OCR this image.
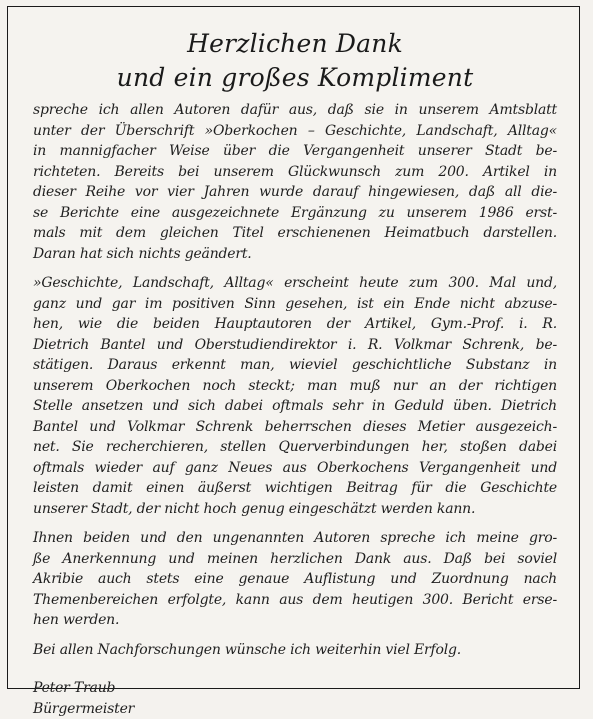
Herzlichen Dank
und ein großes Kompliment

spreche ich allen Autoren dafür aus, daß sie in unserem Amtsblatt
unter der Überschrift »Oberkochen – Geschichte, Landschaft, Alltag«
in mannigfacher Weise über die Vergangenheit unserer Stadt be-
richteten. Bereits bei unserem Glückwunsch zum 200. Artikel in
dieser Reihe vor vier Jahren wurde darauf hingewiesen, daß all die-
se Berichte eine ausgezeichnete Ergänzung zu unserem 1986 erst-
mals mit dem gleichen Titel erschienenen Heimatbuch darstellen.
Daran hat sich nichts geändert.

»Geschichte, Landschaft, Alltag« erscheint heute zum 300. Mal und,
ganz und gar im positiven Sinn gesehen, ist ein Ende nicht abzuse-
hen, wie die beiden Hauptautoren der Artikel, Gym.-Prof. i. R.
Dietrich Bantel und Oberstudiendirektor i. R. Volkmar Schrenk, be-
stätigen. Daraus erkennt man, wieviel geschichtliche Substanz in
unserem Oberkochen noch steckt; man muß nur an der richtigen
Stelle ansetzen und sich dabei oftmals sehr in Geduld üben. Dietrich
Bantel und Volkmar Schrenk beherrschen dieses Metier ausgezeich-
net. Sie recherchieren, stellen Querverbindungen her, stoßen dabei
oftmals wieder auf ganz Neues aus Oberkochens Vergangenheit und
leisten damit einen äußerst wichtigen Beitrag für die Geschichte
unserer Stadt, der nicht hoch genug eingeschätzt werden kann.

Ihnen beiden und den ungenannten Autoren spreche ich meine gro-
ße Anerkennung und meinen herzlichen Dank aus. Daß bei soviel
Akribie auch stets eine genaue Auflistung und Zuordnung nach
Themenbereichen erfolgte, kann aus dem heutigen 300. Bericht erse-
hen werden.

Bei allen Nachforschungen wünsche ich weiterhin viel Erfolg.

Peter Traub
Bürgermeister
